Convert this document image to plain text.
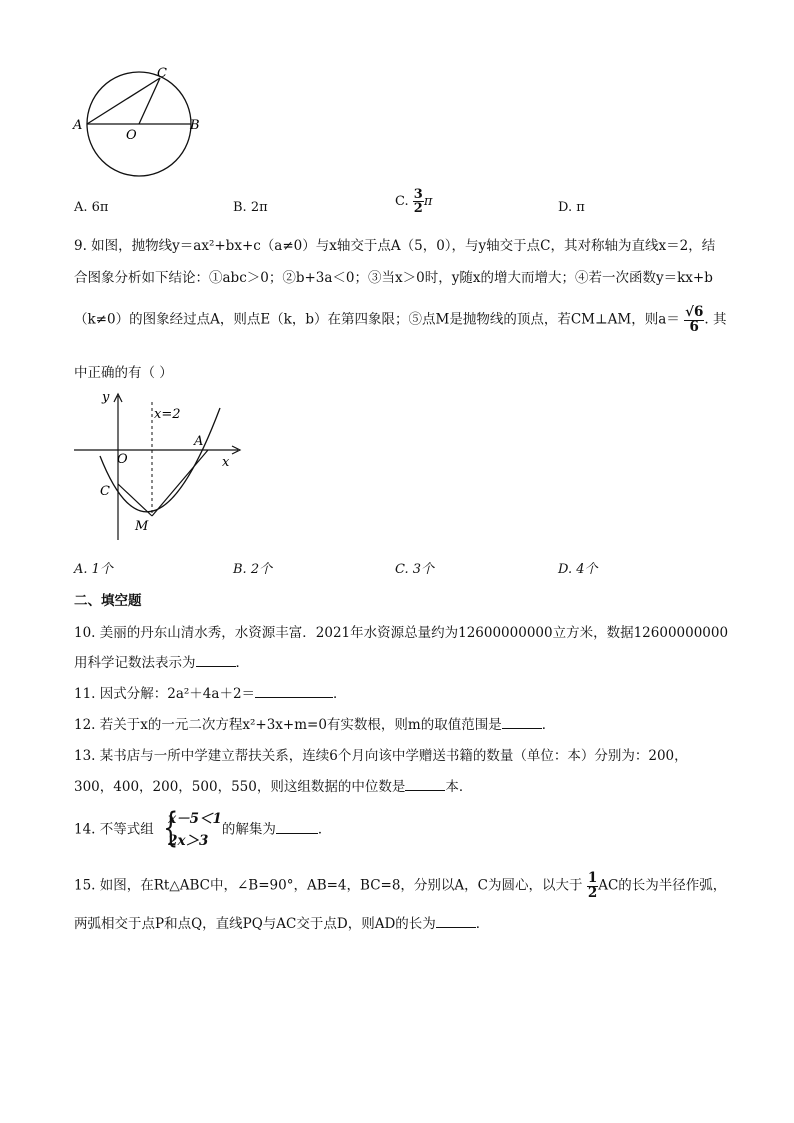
C
A	B
O
A. 6π	B. 2π	C. $\frac{3}{2}$ π	D. π
9. 如图，抛物线y＝ax²+bx+c（a≠0）与x轴交于点A（5，0），与y轴交于点C，其对称轴为直线x＝2，结
合图象分析如下结论：①abc＞0；②b+3a＜0；③当x＞0时，y随x的增大而增大；④若一次函数y＝kx+b
（k≠0）的图象经过点A，则点E（k，b）在第四象限；⑤点M是抛物线的顶点，若CM⊥AM，则$a= \frac{√6}{6}$ . 其
中正确的有（ ）
y
x
x=2
A
O
C
M
A. 1个	B. 2个	C. 3个	D. 4个
二、填空题
10. 美丽的丹东山清水秀，水资源丰富．2021年水资源总量约为12600000000立方米，数据12600000000
用科学记数法表示为	．
11. 因式分解：2a²＋4a＋2＝	．
12. 若关于x的一元二次方程x²+3x+m=0有实数根，则m的取值范围是	．
13. 某书店与一所中学建立帮扶关系，连续6个月向该中学赠送书籍的数量（单位：本）分别为：200，
300，400，200，500，550，则这组数据的中位数是	本．
14. 不等式组 {
x－5＜1
2x＞3
的解集为	．
15. 如图，在Rt△ABC中，∠B=90°，AB=4，BC=8，分别以A，C为圆心，以大于 $\frac{1}{2}$ AC的长为半径作弧，
两弧相交于点P和点Q，直线PQ与AC交于点D，则AD的长为	．
